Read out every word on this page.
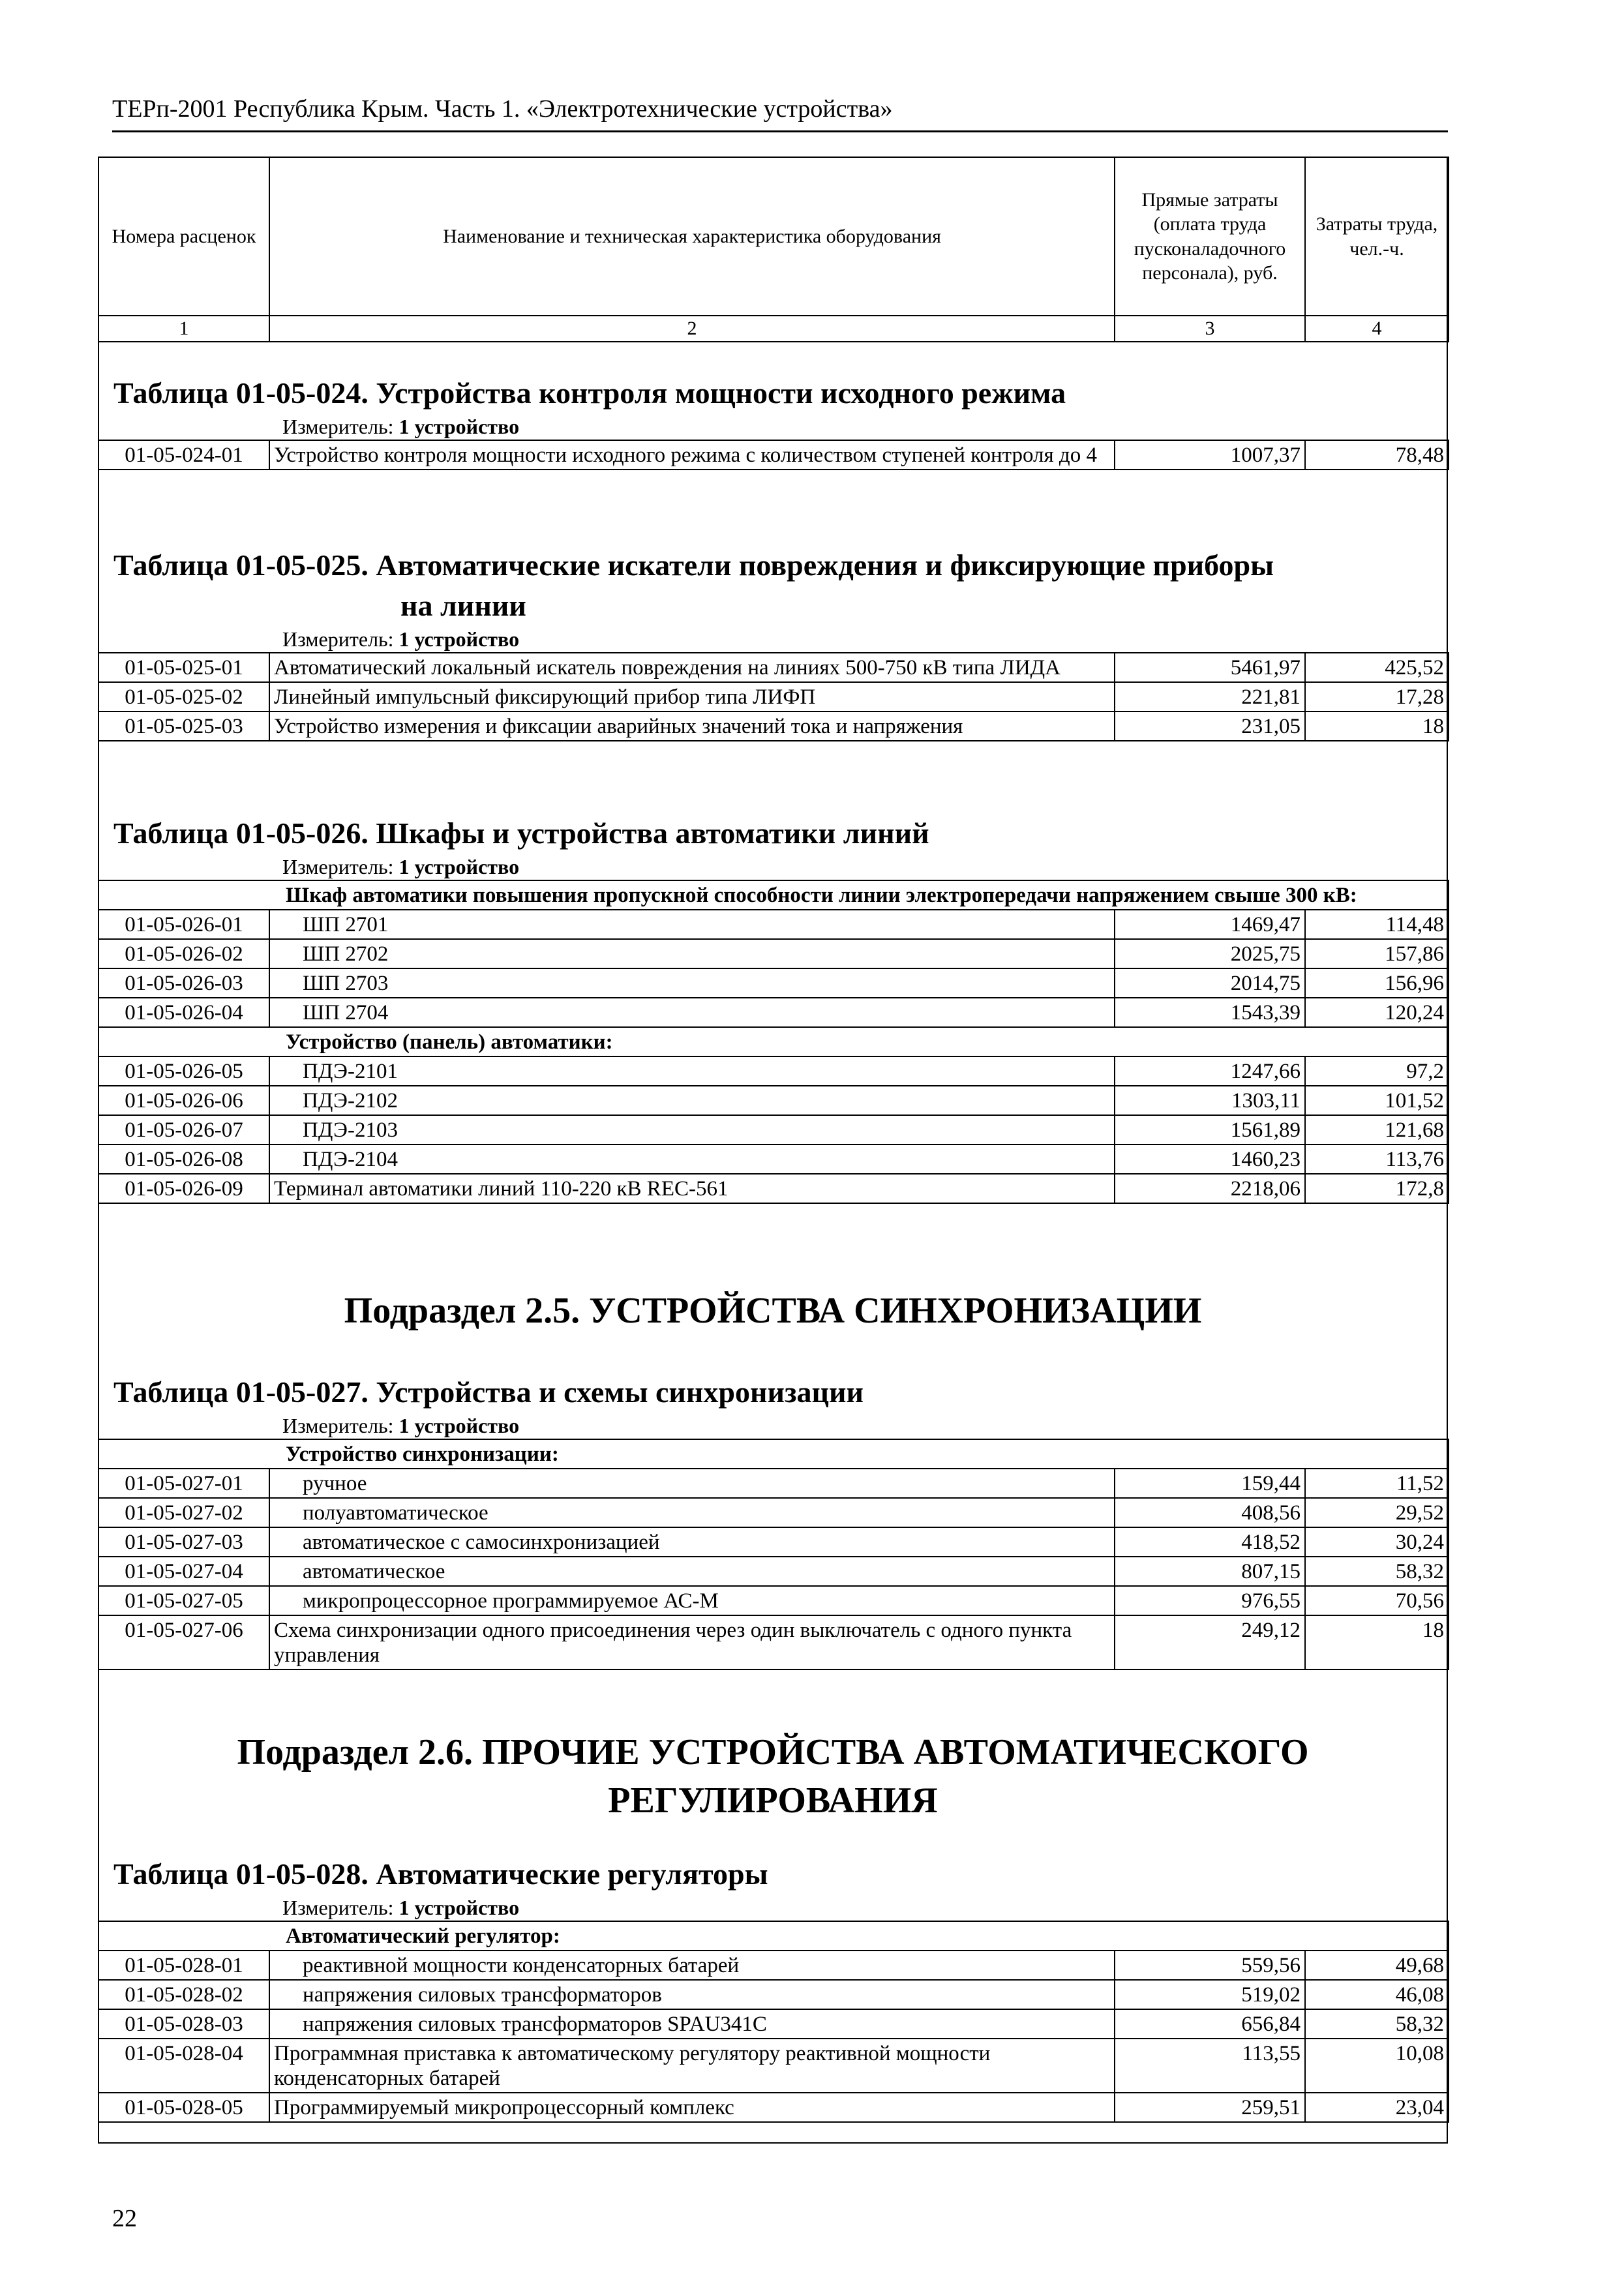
ТЕРп-2001 Республика Крым. Часть 1. «Электротехнические устройства»
Номера расценок	Наименование и техническая характеристика оборудования	Прямые затраты (оплата труда пусконаладочного персонала), руб.	Затраты труда, чел.-ч.
1	2	3	4
Таблица 01-05-024. Устройства контроля мощности исходного режима
Измеритель: 1 устройство
01-05-024-01	Устройство контроля мощности исходного режима с количеством ступеней контроля до 4	1007,37	78,48
Таблица 01-05-025. Автоматические искатели повреждения и фиксирующие приборы
на линии
Измеритель: 1 устройство
01-05-025-01	Автоматический локальный искатель повреждения на линиях 500-750 кВ типа ЛИДА	5461,97	425,52
01-05-025-02	Линейный импульсный фиксирующий прибор типа ЛИФП	221,81	17,28
01-05-025-03	Устройство измерения и фиксации аварийных значений тока и напряжения	231,05	18
Таблица 01-05-026. Шкафы и устройства автоматики линий
Измеритель: 1 устройство
Шкаф автоматики повышения пропускной способности линии электропередачи напряжением свыше 300 кВ:			
01-05-026-01	ШП 2701	1469,47	114,48
01-05-026-02	ШП 2702	2025,75	157,86
01-05-026-03	ШП 2703	2014,75	156,96
01-05-026-04	ШП 2704	1543,39	120,24
Устройство (панель) автоматики:			
01-05-026-05	ПДЭ-2101	1247,66	97,2
01-05-026-06	ПДЭ-2102	1303,11	101,52
01-05-026-07	ПДЭ-2103	1561,89	121,68
01-05-026-08	ПДЭ-2104	1460,23	113,76
01-05-026-09	Терминал автоматики линий 110-220 кВ REC-561	2218,06	172,8
Подраздел 2.5. УСТРОЙСТВА СИНХРОНИЗАЦИИ
Таблица 01-05-027. Устройства и схемы синхронизации
Измеритель: 1 устройство
Устройство синхронизации:			
01-05-027-01	ручное	159,44	11,52
01-05-027-02	полуавтоматическое	408,56	29,52
01-05-027-03	автоматическое с самосинхронизацией	418,52	30,24
01-05-027-04	автоматическое	807,15	58,32
01-05-027-05	микропроцессорное программируемое АС-М	976,55	70,56
01-05-027-06	Схема синхронизации одного присоединения через один выключатель с одного пункта управления	249,12	18
Подраздел 2.6. ПРОЧИЕ УСТРОЙСТВА АВТОМАТИЧЕСКОГО
РЕГУЛИРОВАНИЯ
Таблица 01-05-028. Автоматические регуляторы
Измеритель: 1 устройство
Автоматический регулятор:			
01-05-028-01	реактивной мощности конденсаторных батарей	559,56	49,68
01-05-028-02	напряжения силовых трансформаторов	519,02	46,08
01-05-028-03	напряжения силовых трансформаторов SPAU341C	656,84	58,32
01-05-028-04	Программная приставка к автоматическому регулятору реактивной мощности конденсаторных батарей	113,55	10,08
01-05-028-05	Программируемый микропроцессорный комплекс	259,51	23,04
22
